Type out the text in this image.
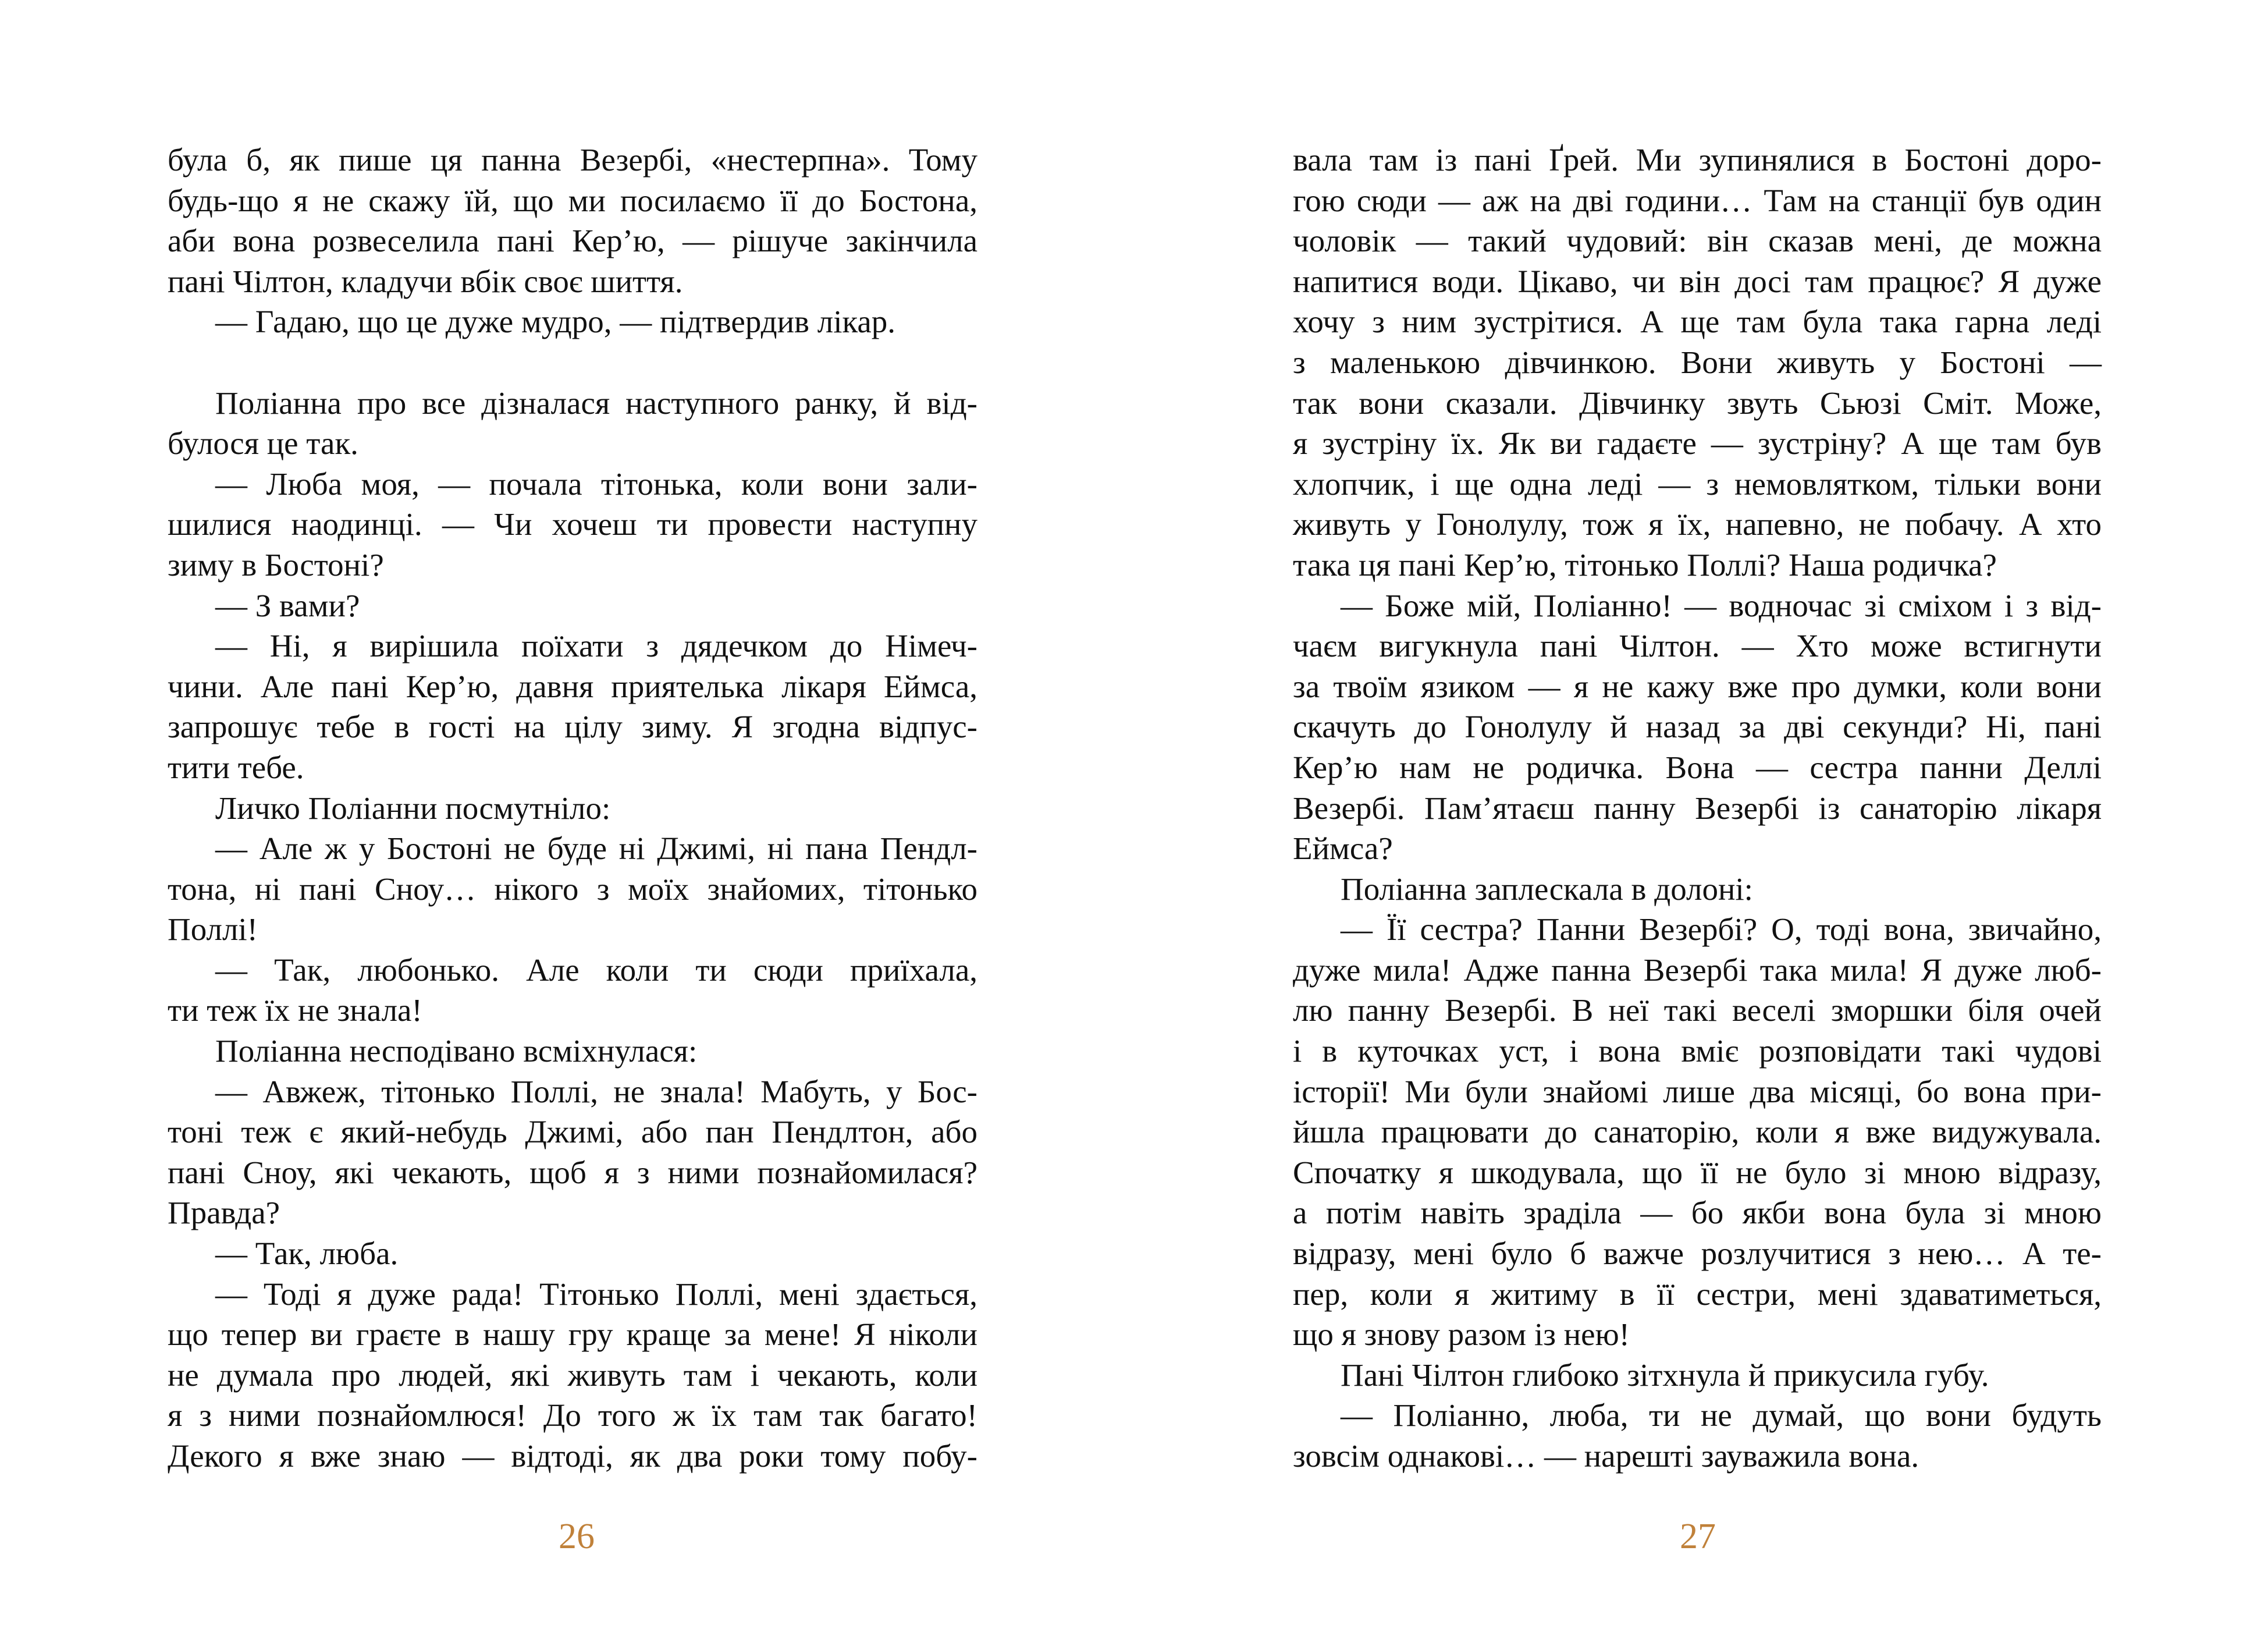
була б, як пише ця панна Везербі, «нестерпна». Тому
будь-що я не скажу їй, що ми посилаємо її до Бостона,
аби вона розвеселила пані Кер’ю, — рішуче закінчила
пані Чілтон, кладучи вбік своє шиття.
— Гадаю, що це дуже мудро, — підтвердив лікар.
Поліанна про все дізналася наступного ранку, й від-
булося це так.
— Люба моя, — почала тітонька, коли вони зали-
шилися наодинці. — Чи хочеш ти провести наступну
зиму в Бостоні?
— З вами?
— Ні, я вирішила поїхати з дядечком до Німеч-
чини. Але пані Кер’ю, давня приятелька лікаря Еймса,
запрошує тебе в гості на цілу зиму. Я згодна відпус-
тити тебе.
Личко Поліанни посмутніло:
— Але ж у Бостоні не буде ні Джимі, ні пана Пендл-
тона, ні пані Сноу… нікого з моїх знайомих, тітонько
Поллі!
— Так, любонько. Але коли ти сюди приїхала,
ти теж їх не знала!
Поліанна несподівано всміхнулася:
— Авжеж, тітонько Поллі, не знала! Мабуть, у Бос-
тоні теж є який-небудь Джимі, або пан Пендлтон, або
пані Сноу, які чекають, щоб я з ними познайомилася?
Правда?
— Так, люба.
— Тоді я дуже рада! Тітонько Поллі, мені здається,
що тепер ви граєте в нашу гру краще за мене! Я ніколи
не думала про людей, які живуть там і чекають, коли
я з ними познайомлюся! До того ж їх там так багато!
Декого я вже знаю — відтоді, як два роки тому побу-
26
вала там із пані Ґрей. Ми зупинялися в Бостоні доро-
гою сюди — аж на дві години… Там на станції був один
чоловік — такий чудовий: він сказав мені, де можна
напитися води. Цікаво, чи він досі там працює? Я дуже
хочу з ним зустрітися. А ще там була така гарна леді
з маленькою дівчинкою. Вони живуть у Бостоні —
так вони сказали. Дівчинку звуть Сьюзі Сміт. Може,
я зустріну їх. Як ви гадаєте — зустріну? А ще там був
хлопчик, і ще одна леді — з немовлятком, тільки вони
живуть у Гонолулу, тож я їх, напевно, не побачу. А хто
така ця пані Кер’ю, тітонько Поллі? Наша родичка?
— Боже мій, Поліанно! — водночас зі сміхом і з від-
чаєм вигукнула пані Чілтон. — Хто може встигнути
за твоїм язиком — я не кажу вже про думки, коли вони
скачуть до Гонолулу й назад за дві секунди? Ні, пані
Кер’ю нам не родичка. Вона — сестра панни Деллі
Везербі. Пам’ятаєш панну Везербі із санаторію лікаря
Еймса?
Поліанна заплескала в долоні:
— Її сестра? Панни Везербі? О, тоді вона, звичайно,
дуже мила! Адже панна Везербі така мила! Я дуже люб-
лю панну Везербі. В неї такі веселі зморшки біля очей
і в куточках уст, і вона вміє розповідати такі чудові
історії! Ми були знайомі лише два місяці, бо вона при-
йшла працювати до санаторію, коли я вже видужувала.
Спочатку я шкодувала, що її не було зі мною відразу,
а потім навіть зраділа — бо якби вона була зі мною
відразу, мені було б важче розлучитися з нею… А те-
пер, коли я житиму в її сестри, мені здаватиметься,
що я знову разом із нею!
Пані Чілтон глибоко зітхнула й прикусила губу.
— Поліанно, люба, ти не думай, що вони будуть
зовсім однакові… — нарешті зауважила вона.
27
